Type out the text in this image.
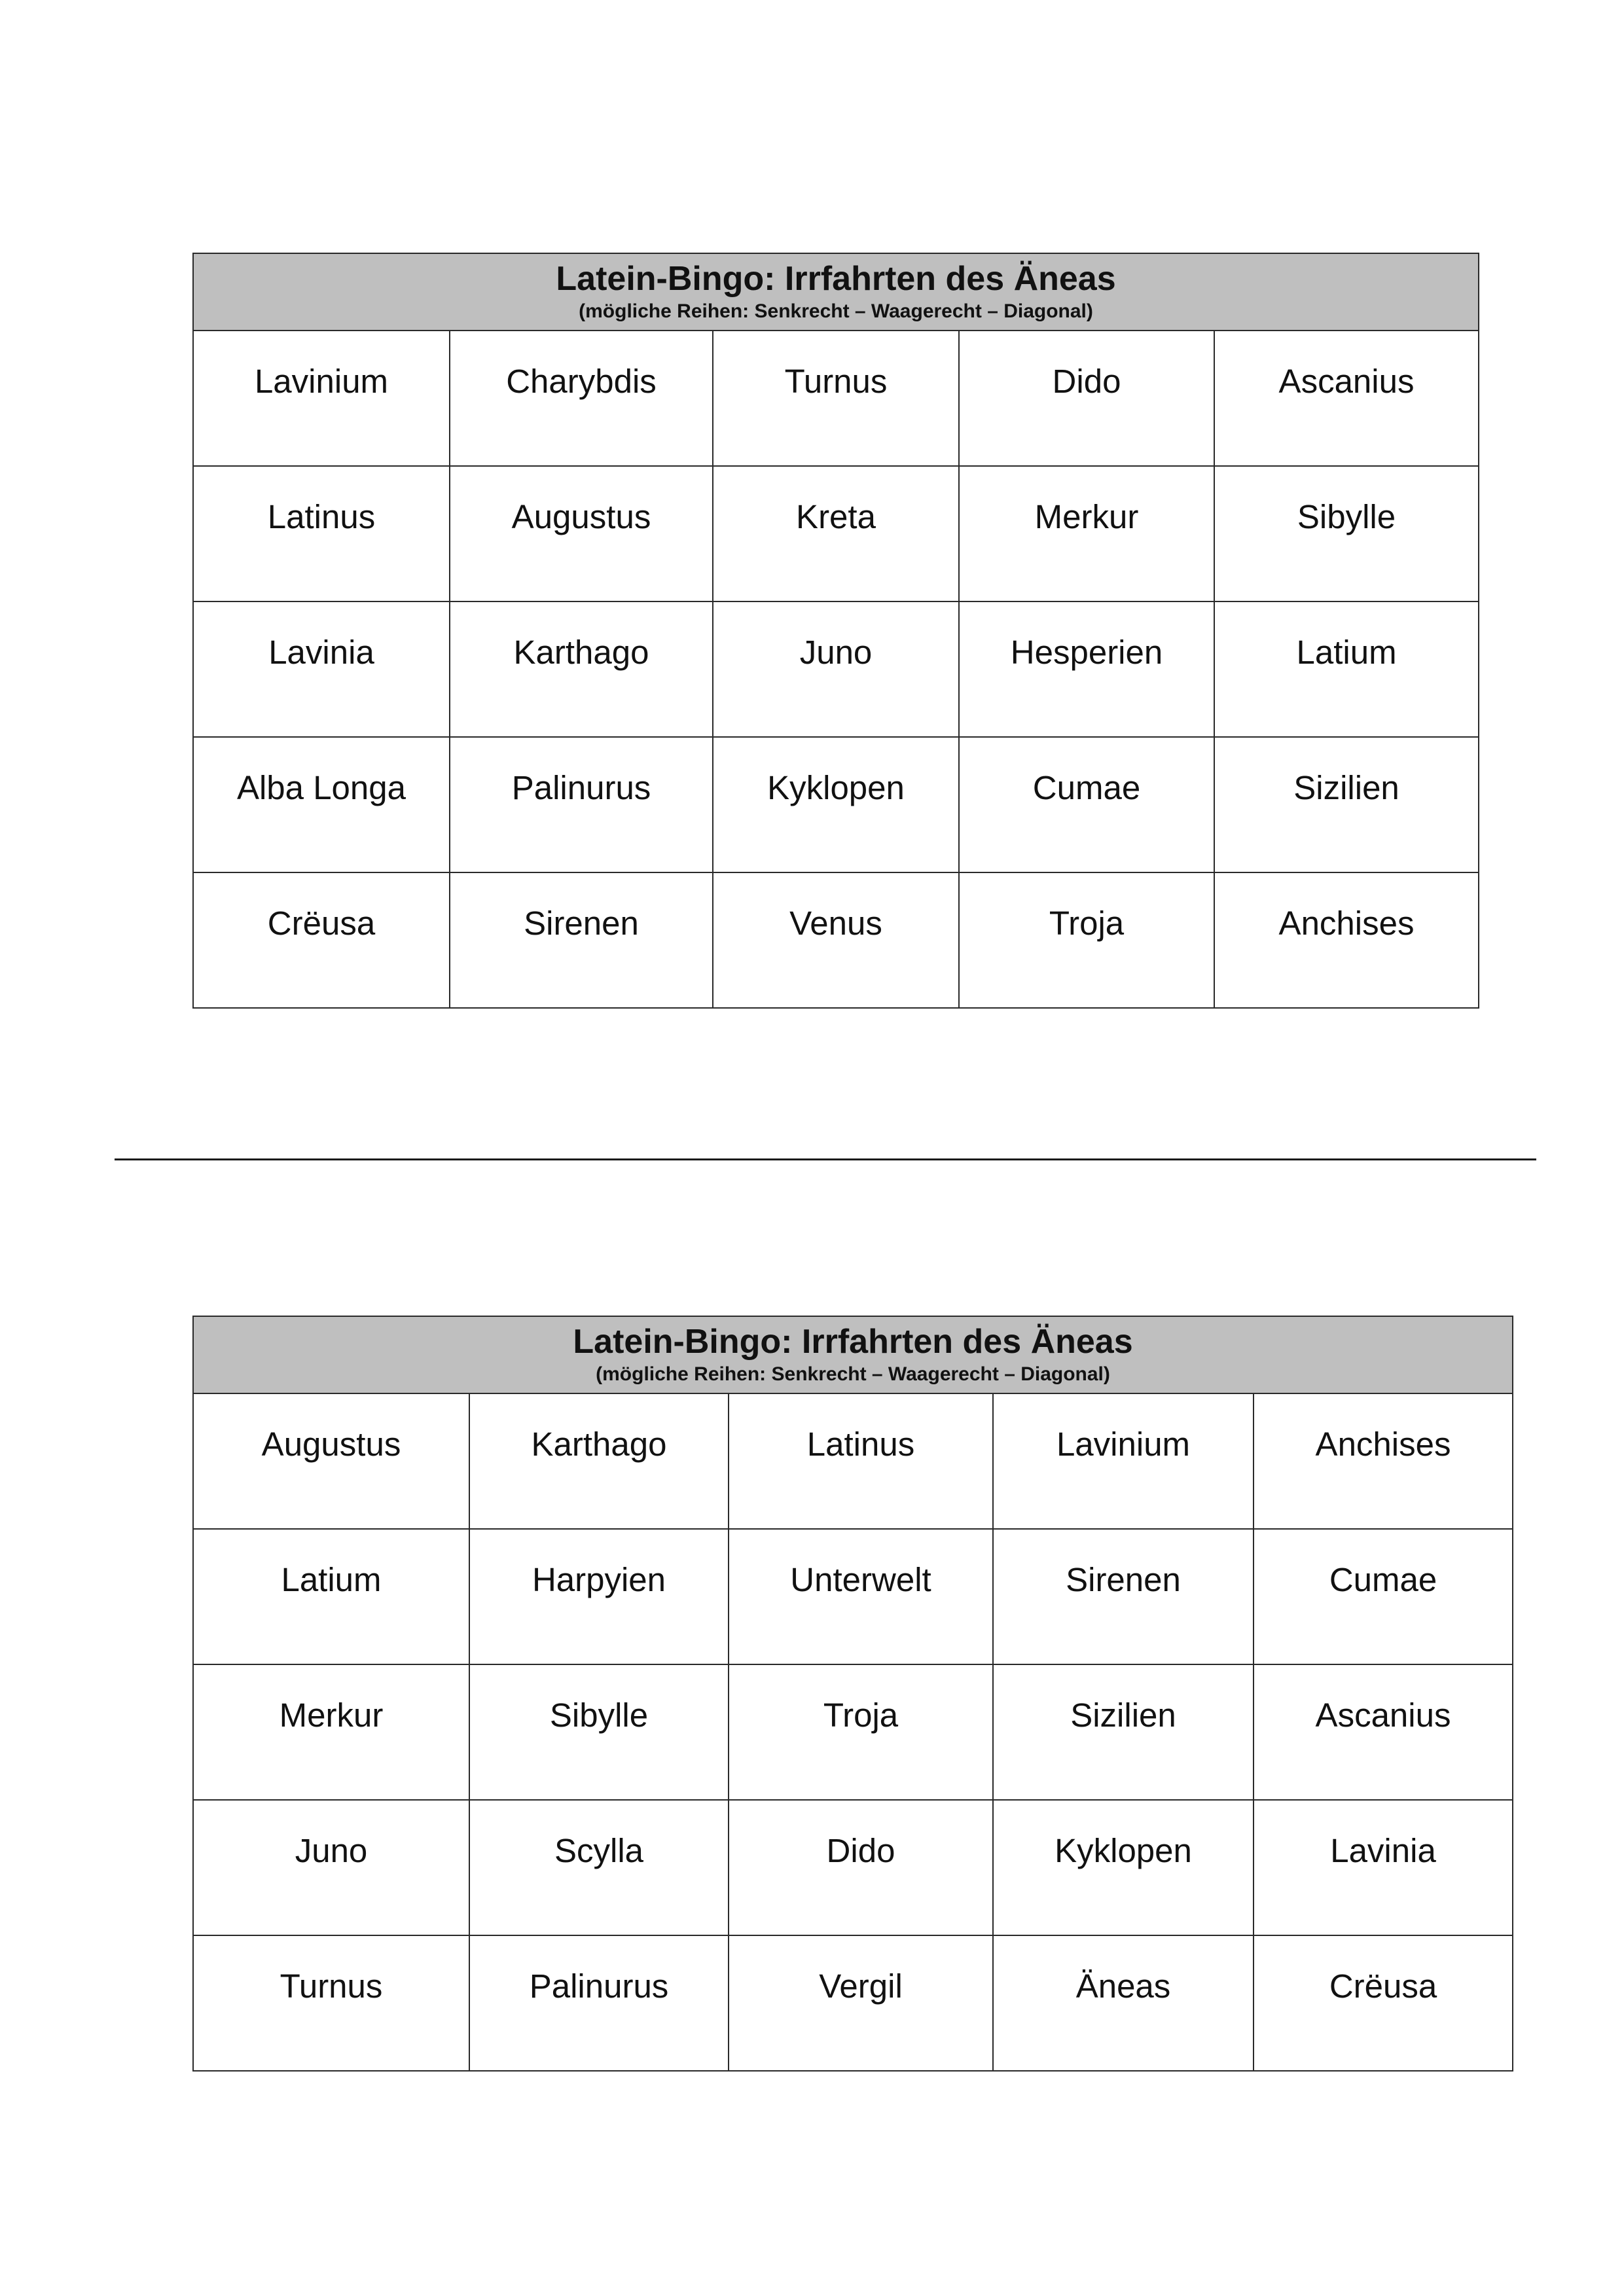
Latein-Bingo: Irrfahrten des Äneas
(mögliche Reihen: Senkrecht – Waagerecht – Diagonal)				

Lavinium	Charybdis	Turnus	Dido	Ascanius

Latinus	Augustus	Kreta	Merkur	Sibylle

Lavinia	Karthago	Juno	Hesperien	Latium

Alba Longa	Palinurus	Kyklopen	Cumae	Sizilien

Crëusa	Sirenen	Venus	Troja	Anchises
Latein-Bingo: Irrfahrten des Äneas
(mögliche Reihen: Senkrecht – Waagerecht – Diagonal)				

Augustus	Karthago	Latinus	Lavinium	Anchises

Latium	Harpyien	Unterwelt	Sirenen	Cumae

Merkur	Sibylle	Troja	Sizilien	Ascanius

Juno	Scylla	Dido	Kyklopen	Lavinia

Turnus	Palinurus	Vergil	Äneas	Crëusa
